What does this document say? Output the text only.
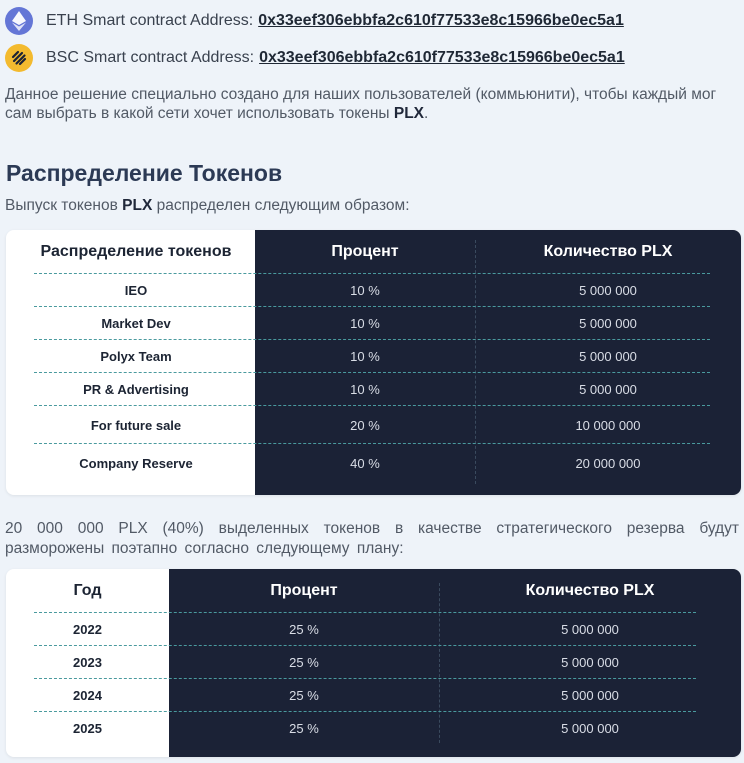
ETH Smart contract Address: 0x33eef306ebbfa2c610f77533e8c15966be0ec5a1
BSC Smart contract Address: 0x33eef306ebbfa2c610f77533e8c15966be0ec5a1

Данное решение специально создано для наших пользователей (коммьюнити), чтобы каждый мог сам выбрать в какой сети хочет использовать токены PLX.

Распределение Токенов

Выпуск токенов PLX распределен следующим образом:

Распределение токенов	Процент	Количество PLX
IEO	10 %	5 000 000
Market Dev	10 %	5 000 000
Polyx Team	10 %	5 000 000
PR & Advertising	10 %	5 000 000
For future sale	20 %	10 000 000
Company Reserve	40 %	20 000 000

20 000 000 PLX (40%) выделенных токенов в качестве стратегического резерва будут разморожены поэтапно согласно следующему плану:

Год	Процент	Количество PLX
2022	25 %	5 000 000
2023	25 %	5 000 000
2024	25 %	5 000 000
2025	25 %	5 000 000
